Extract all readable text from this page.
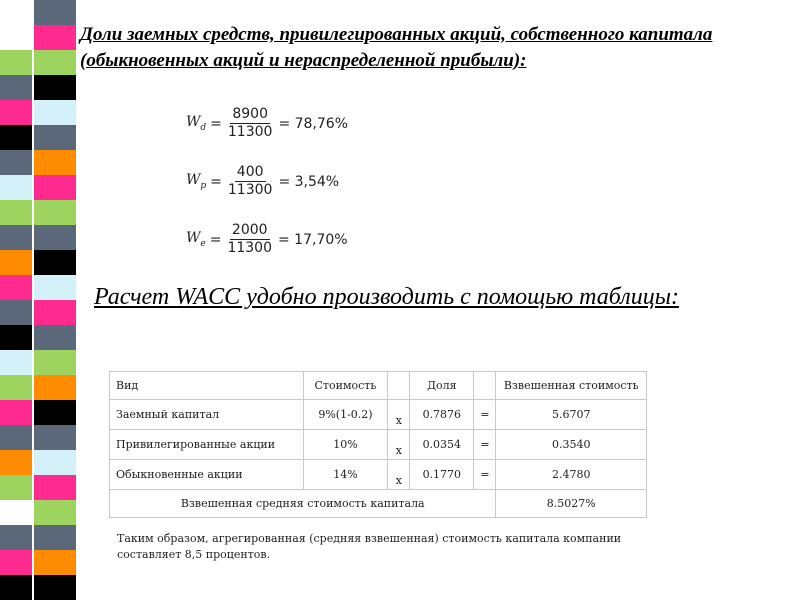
Доли заемных средств, привилегированных акций, собственного капитала (обыкновенных акций и нераспределенной прибыли):
$W_d = \frac{8900}{11300} = 78,76\%$
$W_p = \frac{400}{11300} = 3,54\%$
$W_e = \frac{2000}{11300} = 17,70\%$
Расчет WACC удобно производить с помощью таблицы:
Вид	Стоимость		Доля		Взвешенная стоимость
Заемный капитал	9%(1-0.2)	x	0.7876	=	5.6707
Привилегированные акции	10%	x	0.0354	=	0.3540
Обыкновенные акции	14%	x	0.1770	=	2.4780
Взвешенная средняя стоимость капитала					8.5027%
Таким образом, агрегированная (средняя взвешенная) стоимость капитала компании составляет 8,5 процентов.
